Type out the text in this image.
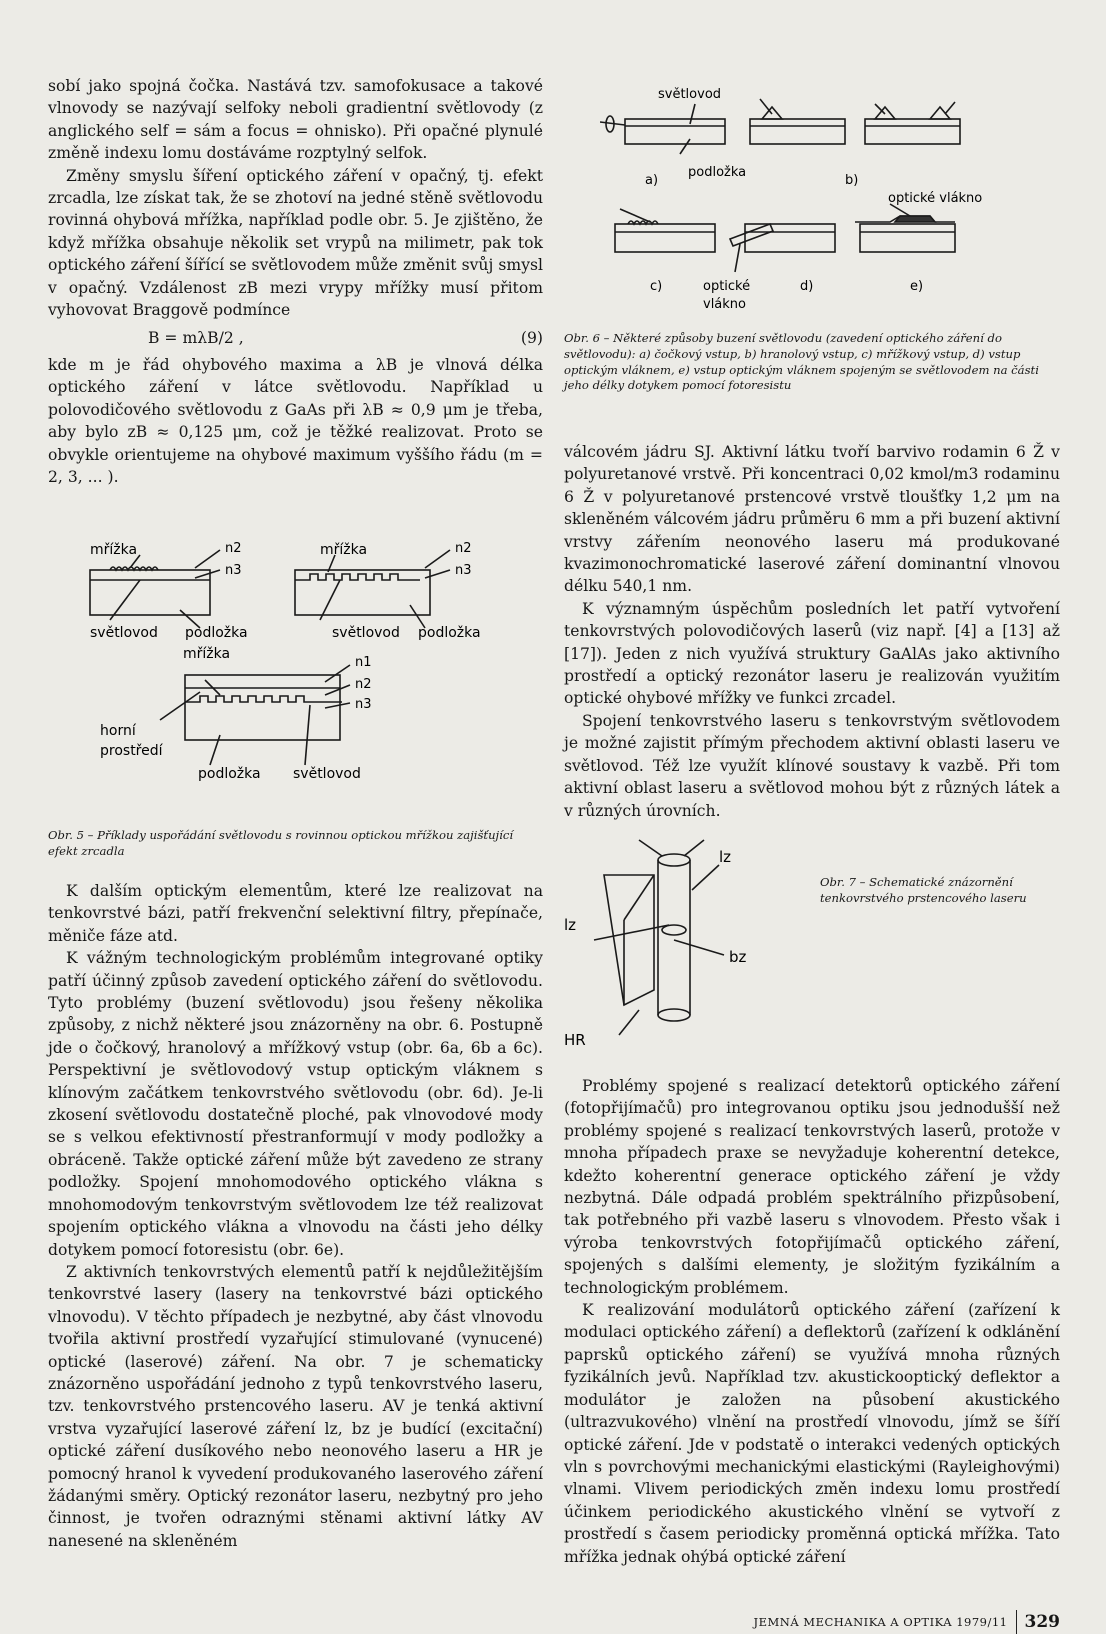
sobí jako spojná čočka. Nastává tzv. samofokusace a takové vlnovody se nazývají selfoky neboli gradientní světlovody (z anglického self = sám a focus = ohnisko). Při opačné plynulé změně indexu lomu dostáváme rozptylný selfok.

Změny smyslu šíření optického záření v opačný, tj. efekt zrcadla, lze získat tak, že se zhotoví na jedné stěně světlovodu rovinná ohybová mřížka, například podle obr. 5. Je zjištěno, že když mřížka obsahuje několik set vrypů na milimetr, pak tok optického záření šířící se světlovodem může změnit svůj smysl v opačný. Vzdálenost zB mezi vrypy mřížky musí přitom vyhovovat Braggově podmínce

B = mλB/2 ,	(9)

kde m je řád ohybového maxima a λB je vlnová délka optického záření v látce světlovodu. Například u polovodičového světlovodu z GaAs při λB ≈ 0,9 μm je třeba, aby bylo zB ≈ 0,125 μm, což je těžké realizovat. Proto se obvykle orientujeme na ohybové maximum vyššího řádu (m = 2, 3, ... ).

mřížka	n2
n3
světlovod podložka
mřížka	n2
n3
světlovod podložka
mřížka
n1
n2
n3
horní
prostředí
podložka světlovod
Obr. 5 – Příklady uspořádání světlovodu s rovinnou optickou mřížkou zajišťující efekt zrcadla

K dalším optickým elementům, které lze realizovat na tenkovrstvé bázi, patří frekvenční selektivní filtry, přepínače, měniče fáze atd.

K vážným technologickým problémům integrované optiky patří účinný způsob zavedení optického záření do světlovodu. Tyto problémy (buzení světlovodu) jsou řešeny několika způsoby, z nichž některé jsou znázorněny na obr. 6. Postupně jde o čočkový, hranolový a mřížkový vstup (obr. 6a, 6b a 6c). Perspektivní je světlovodový vstup optickým vláknem s klínovým začátkem tenkovrstvého světlovodu (obr. 6d). Je-li zkosení světlovodu dostatečně ploché, pak vlnovodové mody se s velkou efektivností přestranformují v mody podložky a obráceně. Takže optické záření může být zavedeno ze strany podložky. Spojení mnohomodového optického vlákna s mnohomodovým tenkovrstvým světlovodem lze též realizovat spojením optického vlákna a vlnovodu na části jeho délky dotykem pomocí fotoresistu (obr. 6e).

Z aktivních tenkovrstvých elementů patří k nejdůležitějším tenkovrstvé lasery (lasery na tenkovrstvé bázi optického vlnovodu). V těchto případech je nezbytné, aby část vlnovodu tvořila aktivní prostředí vyzařující stimulované (vynucené) optické (laserové) záření. Na obr. 7 je schematicky znázorněno uspořádání jednoho z typů tenkovrstvého laseru, tzv. tenkovrstvého prstencového laseru. AV je tenká aktivní vrstva vyzařující laserové záření lz, bz je budící (excitační) optické záření dusíkového nebo neonového laseru a HR je pomocný hranol k vyvedení produkovaného laserového záření žádanými směry. Optický rezonátor laseru, nezbytný pro jeho činnost, je tvořen odraznými stěnami aktivní látky AV nanesené na skleněném

světlovod
podložka
a)	b)
optické vlákno
c)	optické
vlákno
d)	e)
Obr. 6 – Některé způsoby buzení světlovodu (zavedení optického záření do světlovodu): a) čočkový vstup, b) hranolový vstup, c) mřížkový vstup, d) vstup optickým vláknem, e) vstup optickým vláknem spojeným se světlovodem na části jeho délky dotykem pomocí fotoresistu

válcovém jádru SJ. Aktivní látku tvoří barvivo rodamin 6 Ž v polyuretanové vrstvě. Při koncentraci 0,02 kmol/m3 rodaminu 6 Ž v polyuretanové prstencové vrstvě tloušťky 1,2 μm na skleněném válcovém jádru průměru 6 mm a při buzení aktivní vrstvy zářením neonového laseru má produkované kvazimonochromatické laserové záření dominantní vlnovou délku 540,1 nm.

K významným úspěchům posledních let patří vytvoření tenkovrstvých polovodičových laserů (viz např. [4] a [13] až [17]). Jeden z nich využívá struktury GaAlAs jako aktivního prostředí a optický rezonátor laseru je realizován využitím optické ohybové mřížky ve funkci zrcadel.

Spojení tenkovrstvého laseru s tenkovrstvým světlovodem je možné zajistit přímým přechodem aktivní oblasti laseru ve světlovod. Též lze využít klínové soustavy k vazbě. Při tom aktivní oblast laseru a světlovod mohou být z různých látek a v různých úrovních.

lz
lz
bz
HR
Obr. 7 – Schematické znázornění tenkovrstvého prstencového laseru

Problémy spojené s realizací detektorů optického záření (fotopřijímačů) pro integrovanou optiku jsou jednodušší než problémy spojené s realizací tenkovrstvých laserů, protože v mnoha případech praxe se nevyžaduje koherentní detekce, kdežto koherentní generace optického záření je vždy nezbytná. Dále odpadá problém spektrálního přizpůsobení, tak potřebného při vazbě laseru s vlnovodem. Přesto však i výroba tenkovrstvých fotopřijímačů optického záření, spojených s dalšími elementy, je složitým fyzikálním a technologickým problémem.

K realizování modulátorů optického záření (zařízení k modulaci optického záření) a deflektorů (zařízení k odklánění paprsků optického záření) se využívá mnoha různých fyzikálních jevů. Například tzv. akustickooptický deflektor a modulátor je založen na působení akustického (ultrazvukového) vlnění na prostředí vlnovodu, jímž se šíří optické záření. Jde v podstatě o interakci vedených optických vln s povrchovými mechanickými elastickými (Rayleighovými) vlnami. Vlivem periodických změn indexu lomu prostředí účinkem periodického akustického vlnění se vytvoří z prostředí s časem periodicky proměnná optická mřížka. Tato mřížka jednak ohýbá optické záření

JEMNÁ MECHANIKA A OPTIKA 1979/11 329
